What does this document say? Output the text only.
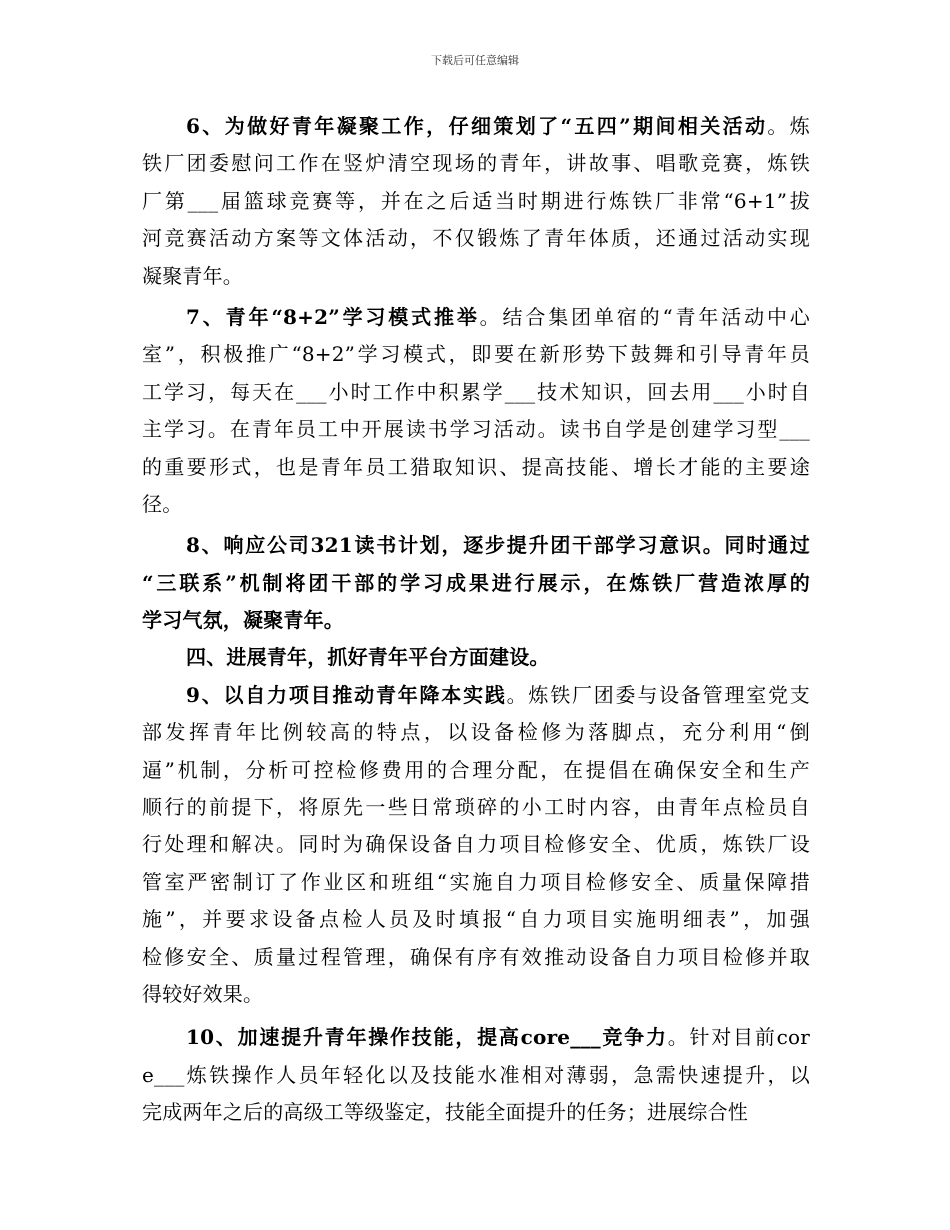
下载后可任意编辑
6、为做好青年凝聚工作，仔细策划了“五四”期间相关活动。炼
铁厂团委慰问工作在竖炉清空现场的青年，讲故事、唱歌竞赛，炼铁
厂第___届篮球竞赛等，并在之后适当时期进行炼铁厂非常“6+1”拔
河竞赛活动方案等文体活动，不仅锻炼了青年体质，还通过活动实现
凝聚青年。
7、青年“8+2”学习模式推举。结合集团单宿的“青年活动中心
室”，积极推广“8+2”学习模式，即要在新形势下鼓舞和引导青年员
工学习，每天在___小时工作中积累学___技术知识，回去用___小时自
主学习。在青年员工中开展读书学习活动。读书自学是创建学习型___
的重要形式，也是青年员工猎取知识、提高技能、增长才能的主要途
径。
8、响应公司321读书计划，逐步提升团干部学习意识。同时通过
“三联系”机制将团干部的学习成果进行展示，在炼铁厂营造浓厚的
学习气氛，凝聚青年。
四、进展青年，抓好青年平台方面建设。
9、以自力项目推动青年降本实践。炼铁厂团委与设备管理室党支
部发挥青年比例较高的特点，以设备检修为落脚点，充分利用“倒
逼”机制，分析可控检修费用的合理分配，在提倡在确保安全和生产
顺行的前提下，将原先一些日常琐碎的小工时内容，由青年点检员自
行处理和解决。同时为确保设备自力项目检修安全、优质，炼铁厂设
管室严密制订了作业区和班组“实施自力项目检修安全、质量保障措
施”，并要求设备点检人员及时填报“自力项目实施明细表”，加强
检修安全、质量过程管理，确保有序有效推动设备自力项目检修并取
得较好效果。
10、加速提升青年操作技能，提高core___竞争力。针对目前cor
e___炼铁操作人员年轻化以及技能水准相对薄弱，急需快速提升，以
完成两年之后的高级工等级鉴定，技能全面提升的任务；进展综合性
